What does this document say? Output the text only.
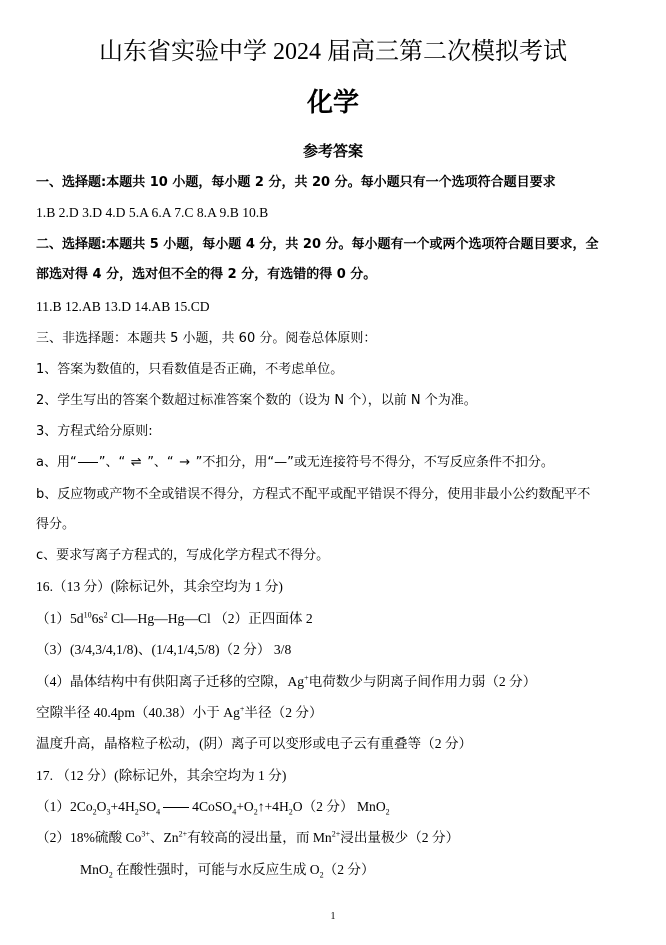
山东省实验中学 2024 届高三第二次模拟考试
化学
参考答案
一、选择题:本题共 10 小题，每小题 2 分，共 20 分。每小题只有一个选项符合题目要求
1.B 2.D 3.D 4.D 5.A 6.A 7.C 8.A 9.B 10.B
二、选择题:本题共 5 小题，每小题 4 分，共 20 分。每小题有一个或两个选项符合题目要求，全
部选对得 4 分，选对但不全的得 2 分，有选错的得 0 分。
11.B 12.AB 13.D 14.AB 15.CD
三、非选择题：本题共 5 小题，共 60 分。阅卷总体原则：
1、答案为数值的，只看数值是否正确，不考虑单位。
2、学生写出的答案个数超过标准答案个数的（设为 N 个），以前 N 个为准。
3、方程式给分原则:
a、用“ ”、“ ⇌ ”、“ → ”不扣分，用“—”或无连接符号不得分，不写反应条件不扣分。
b、反应物或产物不全或错误不得分，方程式不配平或配平错误不得分，使用非最小公约数配平不
得分。
c、要求写离子方程式的，写成化学方程式不得分。
16.（13 分）(除标记外，其余空均为 1 分)
$(1)5d^{10}6s^2$ Cl—Hg—Hg—Cl （2）正四面体 2
（3）(3/4,3/4,1/8)、(1/4,1/4,5/8)（2 分） 3/8
（4）晶体结构中有供阳离子迁移的空隙，Ag+电荷数少与阴离子间作用力弱（2 分）
空隙半径 40.4pm（40.38）小于 Ag+半径（2 分）
温度升高，晶格粒子松动，(阴）离子可以变形或电子云有重叠等（2 分）
17. （12 分）(除标记外，其余空均为 1 分)
$(1)2Co_2O_3+4H_2SO_4$ $4CoSO_4+O_2↑+4H_2O(2$ 分） MnO$_2$
（2）18%硫酸 $Co^{3+}$、$Zn^{2+}$有较高的浸出量，而 $Mn^{2+}$浸出量极少（2 分）
MnO$_2$ 在酸性强时，可能与水反应生成 $O_2(2$ 分）
1
